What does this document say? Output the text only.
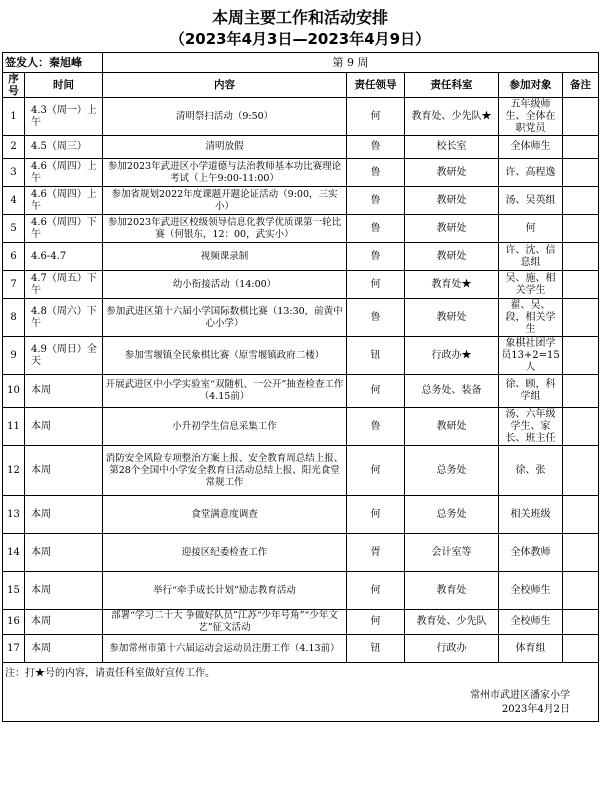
本周主要工作和活动安排
（2023年4月3日—2023年4月9日）
签发人：秦旭峰		第 9 周				
序号	时间	内容	责任领导	责任科室	参加对象	备注
1	4.3（周一）上午	清明祭扫活动（9:50）	何	教育处、少先队★	五年级师生、全体在职党员	
2	4.5（周三）	清明放假	鲁	校长室	全体师生	
3	4.6（周四）上午	参加2023年武进区小学道德与法治教师基本功比赛理论考试（上午9:00-11:00）	鲁	教研处	许、高程逸	
4	4.6（周四）上午	参加省规划2022年度课题开题论证活动（9:00，三实小）	鲁	教研处	汤、吴英组	
5	4.6（周四）下午	参加2023年武进区校级领导信息化教学优质课第一轮比赛（何银东，12：00，武实小）	鲁	教研处	何	
6	4.6-4.7	视频课录制	鲁	教研处	许、沈、信息组	
7	4.7（周五）下午	幼小衔接活动（14:00）	何	教育处★	吴、施、相关学生	
8	4.8（周六）下午	参加武进区第十六届小学国际数棋比赛（13:30，前黄中心小学）	鲁	教研处	翟、吴、段，相关学生	
9	4.9（周日）全天	参加雪堰镇全民象棋比赛（原雪堰镇政府二楼）	钮	行政办★	象棋社团学员13+2=15人	
10	本周	开展武进区中小学实验室“双随机、一公开”抽查检查工作（4.15前）	何	总务处、装备	徐、顾，科学组	
11	本周	小升初学生信息采集工作	鲁	教研处	汤、六年级学生、家长、班主任	
12	本周	消防安全风险专项整治方案上报、安全教育周总结上报、第28个全国中小学安全教育日活动总结上报、阳光食堂常规工作	何	总务处	徐、张	
13	本周	食堂满意度调查	何	总务处	相关班级	
14	本周	迎接区纪委检查工作	胥	会计室等	全体教师	
15	本周	举行“牵手成长计划”励志教育活动	何	教育处	全校师生	
16	本周	部署“学习二十大 争做好队员”江苏“少年号角”“少年文艺”征文活动	何	教育处、少先队	全校师生	
17	本周	参加常州市第十六届运动会运动员注册工作（4.13前）	钮	行政办	体育组	
注：打★号的内容，请责任科室做好宣传工作。						

常州市武进区潘家小学
2023年4月2日						
